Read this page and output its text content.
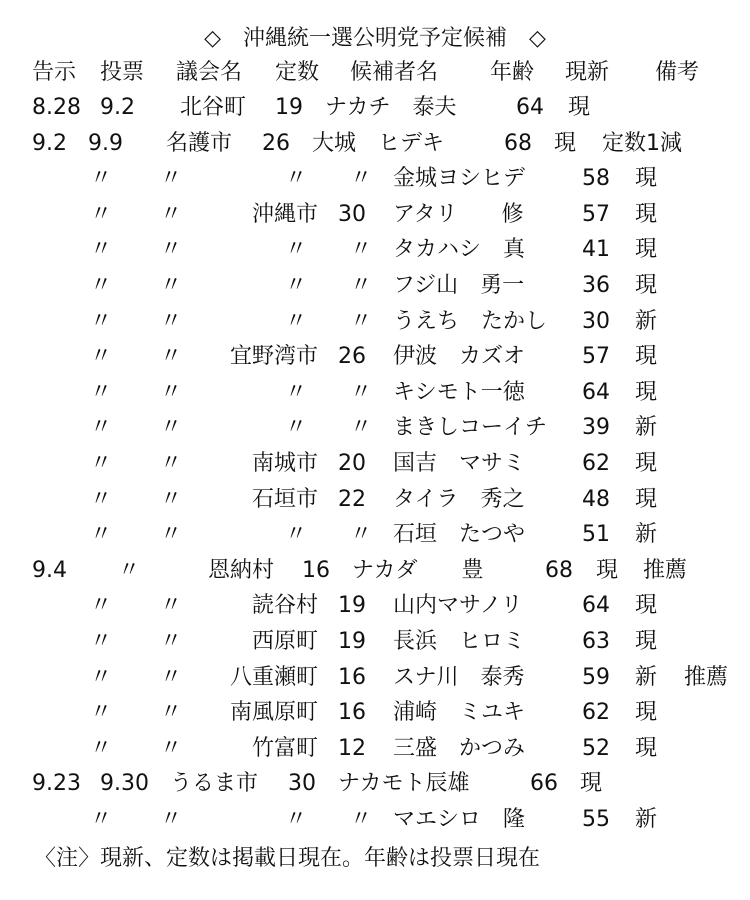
◇　沖縄統一選公明党予定候補　◇
告示 投票 議会名 定数 候補者名 年齢 現新 備考
8.28 9.2 北谷町 19 ナカチ　泰夫	64 現
9.2 9.9 名護市 26 大城　ヒデキ	68 現 定数1減
〃 〃	〃 〃 金城ヨシヒデ	58 現
〃 〃	沖縄市 30 アタリ　　修	57 現
〃 〃	〃 〃 タカハシ　真	41 現
〃 〃	〃 〃 フジ山　勇一	36 現
〃 〃	〃 〃 うえち　たかし 30 新
〃 〃 宜野湾市 26 伊波　カズオ	57 現
〃 〃	〃 〃 キシモト一徳	64 現
〃 〃	〃 〃 まきしコーイチ 39 新
〃 〃	南城市 20 国吉　マサミ	62 現
〃 〃	石垣市 22 タイラ　秀之	48 現
〃 〃	〃 〃 石垣　たつや	51 新
9.4 〃	恩納村 16 ナカダ　　豊	68 現 推薦
〃 〃	読谷村 19 山内マサノリ	64 現
〃 〃	西原町 19 長浜　ヒロミ	63 現
〃 〃 八重瀬町 16 スナ川　泰秀	59 新 推薦
〃 〃 南風原町 16 浦崎　ミユキ	62 現
〃 〃	竹富町 12 三盛　かつみ	52 現
9.23 9.30 うるま市 30 ナカモト辰雄	66 現
〃 〃	〃 〃 マエシロ　隆	55 新
〈注〉現新、定数は掲載日現在。年齢は投票日現在
